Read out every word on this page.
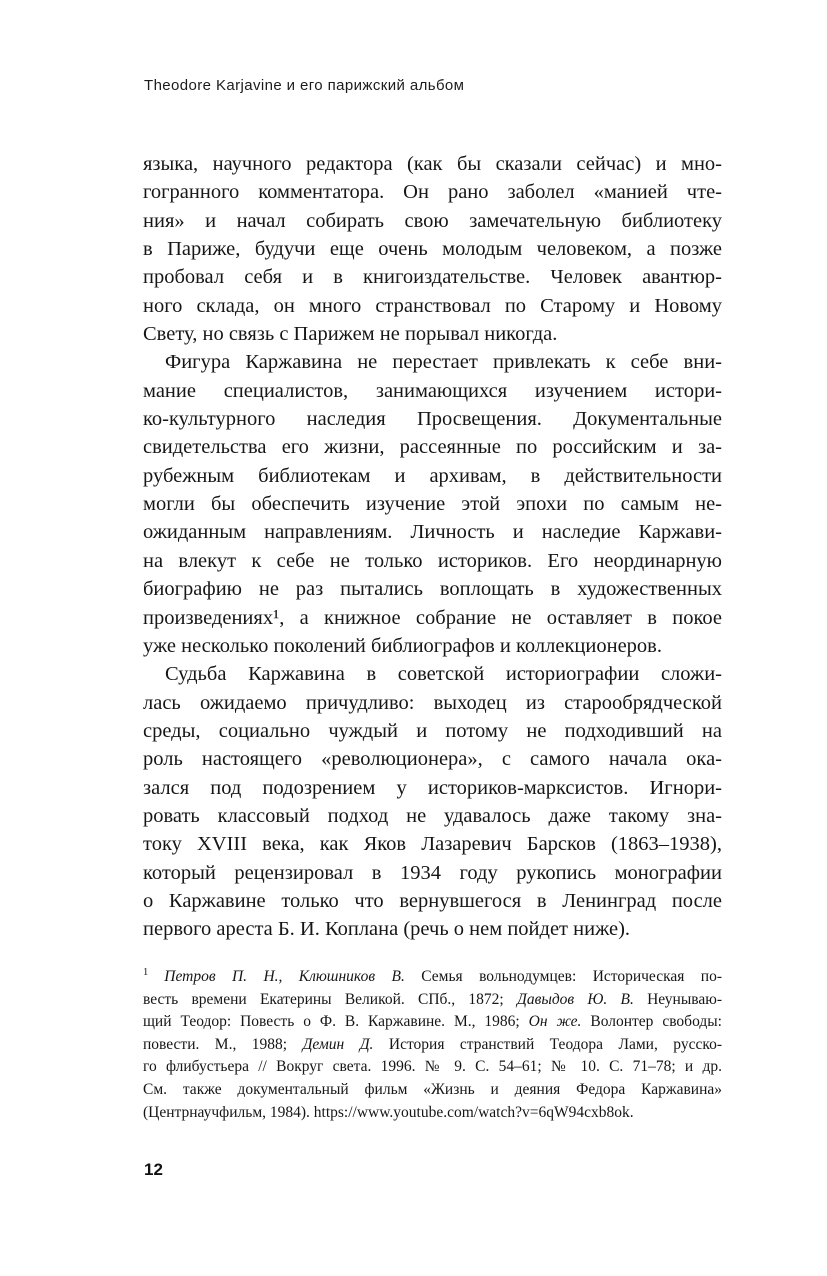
Theodore Karjavine и его парижский альбом
языка, научного редактора (как бы сказали сейчас) и мно-
гогранного комментатора. Он рано заболел «манией чте-
ния» и начал собирать свою замечательную библиотеку
в Париже, будучи еще очень молодым человеком, а позже
пробовал себя и в книгоиздательстве. Человек авантюр-
ного склада, он много странствовал по Старому и Новому
Свету, но связь с Парижем не порывал никогда.
Фигура Каржавина не перестает привлекать к себе вни-
мание специалистов, занимающихся изучением истори-
ко-культурного наследия Просвещения. Документальные
свидетельства его жизни, рассеянные по российским и за-
рубежным библиотекам и архивам, в действительности
могли бы обеспечить изучение этой эпохи по самым не-
ожиданным направлениям. Личность и наследие Каржави-
на влекут к себе не только историков. Его неординарную
биографию не раз пытались воплощать в художественных
произведениях¹, а книжное собрание не оставляет в покое
уже несколько поколений библиографов и коллекционеров.
Судьба Каржавина в советской историографии сложи-
лась ожидаемо причудливо: выходец из старообрядческой
среды, социально чуждый и потому не подходивший на
роль настоящего «революционера», с самого начала ока-
зался под подозрением у историков-марксистов. Игнори-
ровать классовый подход не удавалось даже такому зна-
току XVIII века, как Яков Лазаревич Барсков (1863–1938),
который рецензировал в 1934 году рукопись монографии
о Каржавине только что вернувшегося в Ленинград после
первого ареста Б. И. Коплана (речь о нем пойдет ниже).
1 Петров П. Н., Клюшников В. Семья вольнодумцев: Историческая по-
весть времени Екатерины Великой. СПб., 1872; Давыдов Ю. В. Неунываю-
щий Теодор: Повесть о Ф. В. Каржавине. М., 1986; Он же. Волонтер свободы:
повести. М., 1988; Демин Д. История странствий Теодора Лами, русско-
го флибустьера // Вокруг света. 1996. № 9. С. 54–61; № 10. С. 71–78; и др.
См. также документальный фильм «Жизнь и деяния Федора Каржавина»
(Центрнаучфильм, 1984). https://www.youtube.com/watch?v=6qW94cxb8ok.
12
